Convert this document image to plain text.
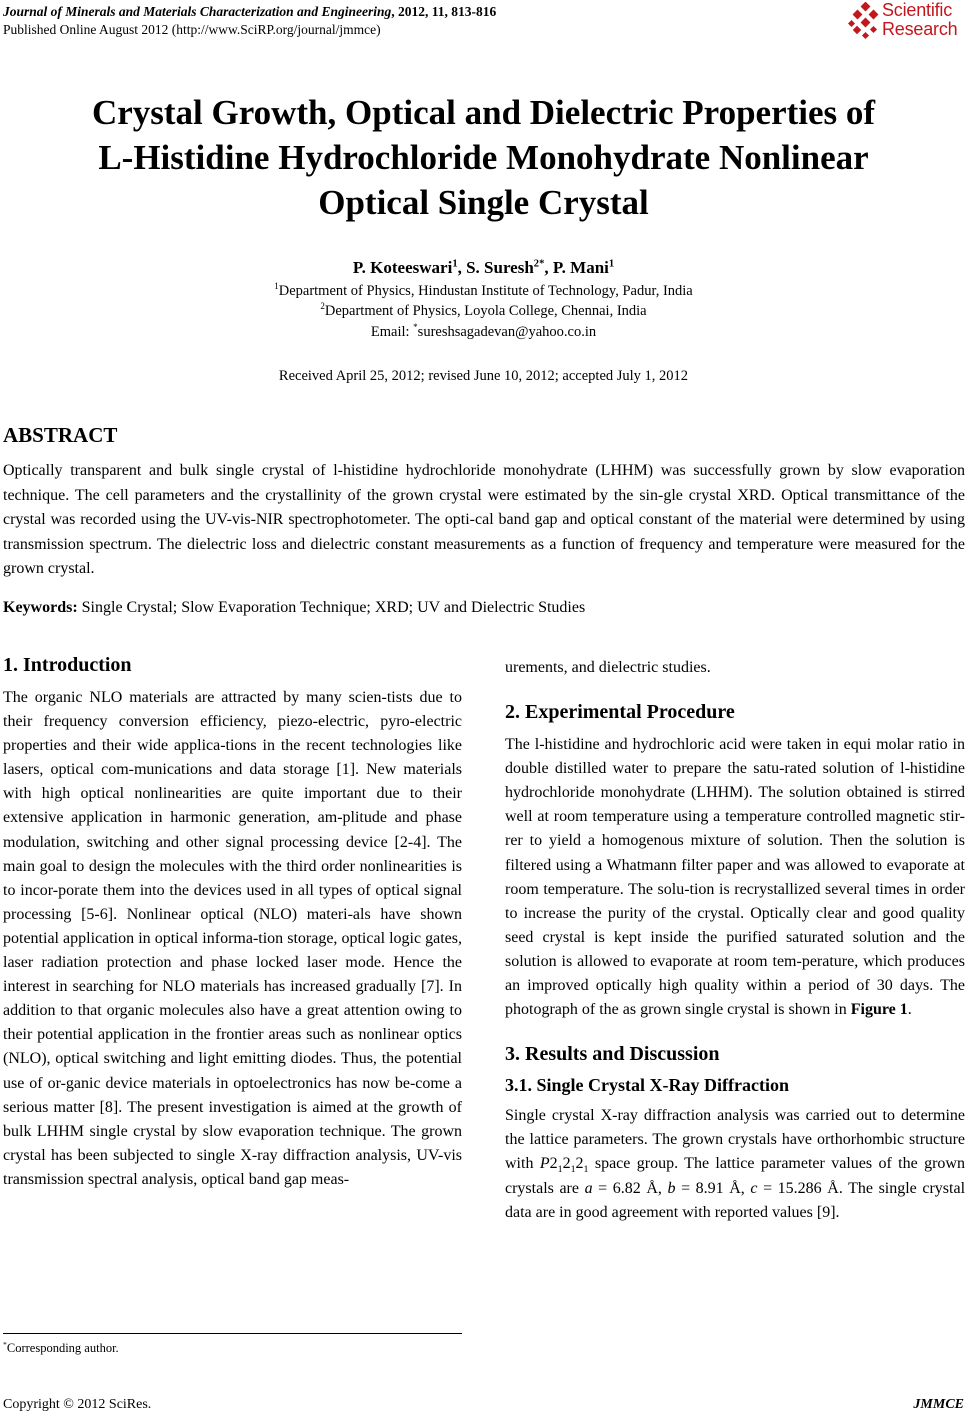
Journal of Minerals and Materials Characterization and Engineering, 2012, 11, 813-816
Published Online August 2012 (http://www.SciRP.org/journal/jmmce)
Scientific
Research
Crystal Growth, Optical and Dielectric Properties of
L-Histidine Hydrochloride Monohydrate Nonlinear
Optical Single Crystal
P. Koteeswari$^1$, S. Suresh$^{2*}$, P. Mani$^1$
$^1$Department of Physics, Hindustan Institute of Technology, Padur, India
$^2$Department of Physics, Loyola College, Chennai, India
Email: *sureshsagadevan@yahoo.co.in
Received April 25, 2012; revised June 10, 2012; accepted July 1, 2012
ABSTRACT
Optically transparent and bulk single crystal of l-histidine hydrochloride monohydrate (LHHM) was successfully grown by slow evaporation technique. The cell parameters and the crystallinity of the grown crystal were estimated by the sin-gle crystal XRD. Optical transmittance of the crystal was recorded using the UV-vis-NIR spectrophotometer. The opti-cal band gap and optical constant of the material were determined by using transmission spectrum. The dielectric loss and dielectric constant measurements as a function of frequency and temperature were measured for the grown crystal.
Keywords: Single Crystal; Slow Evaporation Technique; XRD; UV and Dielectric Studies
1. Introduction

The organic NLO materials are attracted by many scien-tists due to their frequency conversion efficiency, piezo-electric, pyro-electric properties and their wide applica-tions in the recent technologies like lasers, optical com-munications and data storage [1]. New materials with high optical nonlinearities are quite important due to their extensive application in harmonic generation, am-plitude and phase modulation, switching and other signal processing device [2-4]. The main goal to design the molecules with the third order nonlinearities is to incor-porate them into the devices used in all types of optical signal processing [5-6]. Nonlinear optical (NLO) materi-als have shown potential application in optical informa-tion storage, optical logic gates, laser radiation protection and phase locked laser mode. Hence the interest in searching for NLO materials has increased gradually [7]. In addition to that organic molecules also have a great attention owing to their potential application in the frontier areas such as nonlinear optics (NLO), optical switching and light emitting diodes. Thus, the potential use of or-ganic device materials in optoelectronics has now be-come a serious matter [8]. The present investigation is aimed at the growth of bulk LHHM single crystal by slow evaporation technique. The grown crystal has been subjected to single X-ray diffraction analysis, UV-vis transmission spectral analysis, optical band gap meas-

urements, and dielectric studies.

2. Experimental Procedure

The l-histidine and hydrochloric acid were taken in equi molar ratio in double distilled water to prepare the satu-rated solution of l-histidine hydrochloride monohydrate (LHHM). The solution obtained is stirred well at room temperature using a temperature controlled magnetic stir-rer to yield a homogenous mixture of solution. Then the solution is filtered using a Whatmann filter paper and was allowed to evaporate at room temperature. The solu-tion is recrystallized several times in order to increase the purity of the crystal. Optically clear and good quality seed crystal is kept inside the purified saturated solution and the solution is allowed to evaporate at room tem-perature, which produces an improved optically high quality within a period of 30 days. The photograph of the as grown single crystal is shown in Figure 1.

3. Results and Discussion
3.1. Single Crystal X-Ray Diffraction

Single crystal X-ray diffraction analysis was carried out to determine the lattice parameters. The grown crystals have orthorhombic structure with $P2_12_12_1$ space group. The lattice parameter values of the grown crystals are a = 6.82 Å, b = 8.91 Å, c = 15.286 Å. The single crystal data are in good agreement with reported values [9].

*Corresponding author.
Copyright © 2012 SciRes.	JMMCE
